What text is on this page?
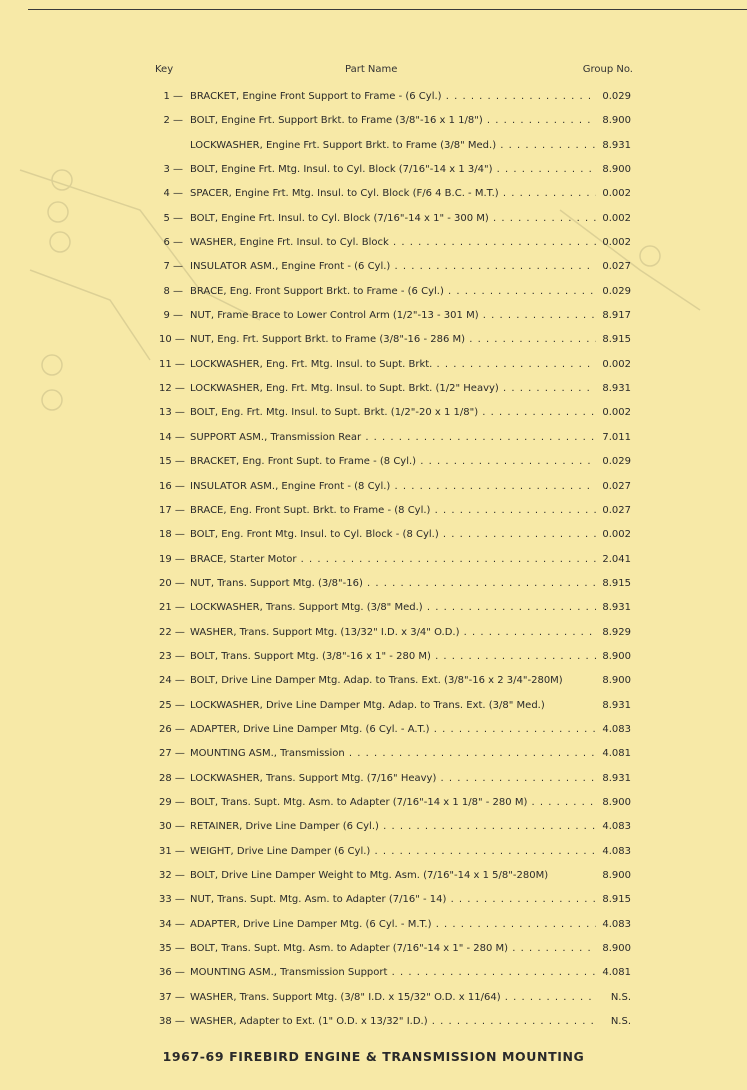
Key	Part Name	Group No.
1 — BRACKET, Engine Front Support to Frame - (6 Cyl.) . . .	0.029
2 — BOLT, Engine Frt. Support Brkt. to Frame (3/8"-16 x 1 1/8") . . .	8.900
LOCKWASHER, Engine Frt. Support Brkt. to Frame (3/8" Med.) . . .	8.931
3 — BOLT, Engine Frt. Mtg. Insul. to Cyl. Block (7/16"-14 x 1 3/4") . . .	8.900
4 — SPACER, Engine Frt. Mtg. Insul. to Cyl. Block (F/6 4 B.C. - M.T.) . . .	0.002
5 — BOLT, Engine Frt. Insul. to Cyl. Block (7/16"-14 x 1" - 300 M) . . .	0.002
6 — WASHER, Engine Frt. Insul. to Cyl. Block . . .	0.002
7 — INSULATOR ASM., Engine Front - (6 Cyl.) . . .	0.027
8 — BRACE, Eng. Front Support Brkt. to Frame - (6 Cyl.) . . .	0.029
9 — NUT, Frame Brace to Lower Control Arm (1/2"-13 - 301 M) . . .	8.917
10 — NUT, Eng. Frt. Support Brkt. to Frame (3/8"-16 - 286 M) . . .	8.915
11 — LOCKWASHER, Eng. Frt. Mtg. Insul. to Supt. Brkt. . . .	0.002
12 — LOCKWASHER, Eng. Frt. Mtg. Insul. to Supt. Brkt. (1/2" Heavy) . . .	8.931
13 — BOLT, Eng. Frt. Mtg. Insul. to Supt. Brkt. (1/2"-20 x 1 1/8") . . .	0.002
14 — SUPPORT ASM., Transmission Rear . . .	7.011
15 — BRACKET, Eng. Front Supt. to Frame - (8 Cyl.) . . .	0.029
16 — INSULATOR ASM., Engine Front - (8 Cyl.) . . .	0.027
17 — BRACE, Eng. Front Supt. Brkt. to Frame - (8 Cyl.) . . .	0.027
18 — BOLT, Eng. Front Mtg. Insul. to Cyl. Block - (8 Cyl.) . . .	0.002
19 — BRACE, Starter Motor . . .	2.041
20 — NUT, Trans. Support Mtg. (3/8"-16) . . .	8.915
21 — LOCKWASHER, Trans. Support Mtg. (3/8" Med.) . . .	8.931
22 — WASHER, Trans. Support Mtg. (13/32" I.D. x 3/4" O.D.) . . .	8.929
23 — BOLT, Trans. Support Mtg. (3/8"-16 x 1" - 280 M) . . .	8.900
24 — BOLT, Drive Line Damper Mtg. Adap. to Trans. Ext. (3/8"-16 x 2 3/4"-280M)	8.900
25 — LOCKWASHER, Drive Line Damper Mtg. Adap. to Trans. Ext. (3/8" Med.)	8.931
26 — ADAPTER, Drive Line Damper Mtg. (6 Cyl. - A.T.) . . .	4.083
27 — MOUNTING ASM., Transmission . . .	4.081
28 — LOCKWASHER, Trans. Support Mtg. (7/16" Heavy) . . .	8.931
29 — BOLT, Trans. Supt. Mtg. Asm. to Adapter (7/16"-14 x 1 1/8" - 280 M) . . .	8.900
30 — RETAINER, Drive Line Damper (6 Cyl.) . . .	4.083
31 — WEIGHT, Drive Line Damper (6 Cyl.) . . .	4.083
32 — BOLT, Drive Line Damper Weight to Mtg. Asm. (7/16"-14 x 1 5/8"-280M)	8.900
33 — NUT, Trans. Supt. Mtg. Asm. to Adapter (7/16" - 14) . . .	8.915
34 — ADAPTER, Drive Line Damper Mtg. (6 Cyl. - M.T.) . . .	4.083
35 — BOLT, Trans. Supt. Mtg. Asm. to Adapter (7/16"-14 x 1" - 280 M) . . .	8.900
36 — MOUNTING ASM., Transmission Support . . .	4.081
37 — WASHER, Trans. Support Mtg. (3/8" I.D. x 15/32" O.D. x 11/64) . . .	N.S.
38 — WASHER, Adapter to Ext. (1" O.D. x 13/32" I.D.) . . .	N.S.
1967-69 FIREBIRD ENGINE & TRANSMISSION MOUNTING
